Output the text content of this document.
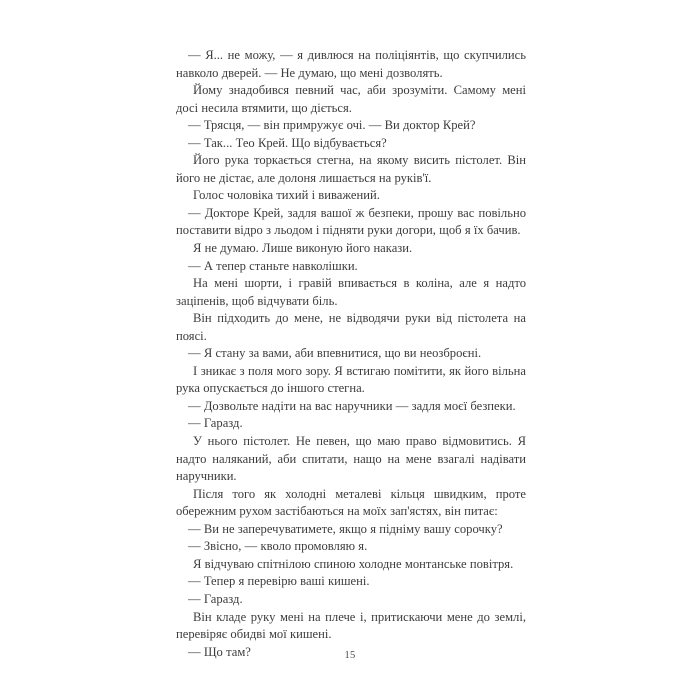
— Я... не можу, — я дивлюся на поліціянтів, що скупчились навколо дверей. — Не думаю, що мені дозволять.

Йому знадобився певний час, аби зрозуміти. Самому мені досі несила втямити, що діється.

— Трясця, — він примружує очі. — Ви доктор Крей?

— Так... Тео Крей. Що відбувається?

Його рука торкається стегна, на якому висить пістолет. Він його не дістає, але долоня лишається на руків'ї.

Голос чоловіка тихий і виважений.

— Докторе Крей, задля вашої ж безпеки, прошу вас повільно поставити відро з льодом і підняти руки догори, щоб я їх бачив.

Я не думаю. Лише виконую його накази.

— А тепер станьте навколішки.

На мені шорти, і гравій впивається в коліна, але я надто заціпенів, щоб відчувати біль.

Він підходить до мене, не відводячи руки від пістолета на поясі.

— Я стану за вами, аби впевнитися, що ви неозброєні.

І зникає з поля мого зору. Я встигаю помітити, як його вільна рука опускається до іншого стегна.

— Дозвольте надіти на вас наручники — задля моєї безпеки.

— Гаразд.

У нього пістолет. Не певен, що маю право відмовитись. Я надто наляканий, аби спитати, нащо на мене взагалі надівати наручники.

Після того як холодні металеві кільця швидким, проте обережним рухом застібаються на моїх зап'ястях, він питає:

— Ви не заперечуватимете, якщо я підніму вашу сорочку?

— Звісно, — кволо промовляю я.

Я відчуваю спітнілою спиною холодне монтанське повітря.

— Тепер я перевірю ваші кишені.

— Гаразд.

Він кладе руку мені на плече і, притискаючи мене до землі, перевіряє обидві мої кишені.

— Що там?	15
